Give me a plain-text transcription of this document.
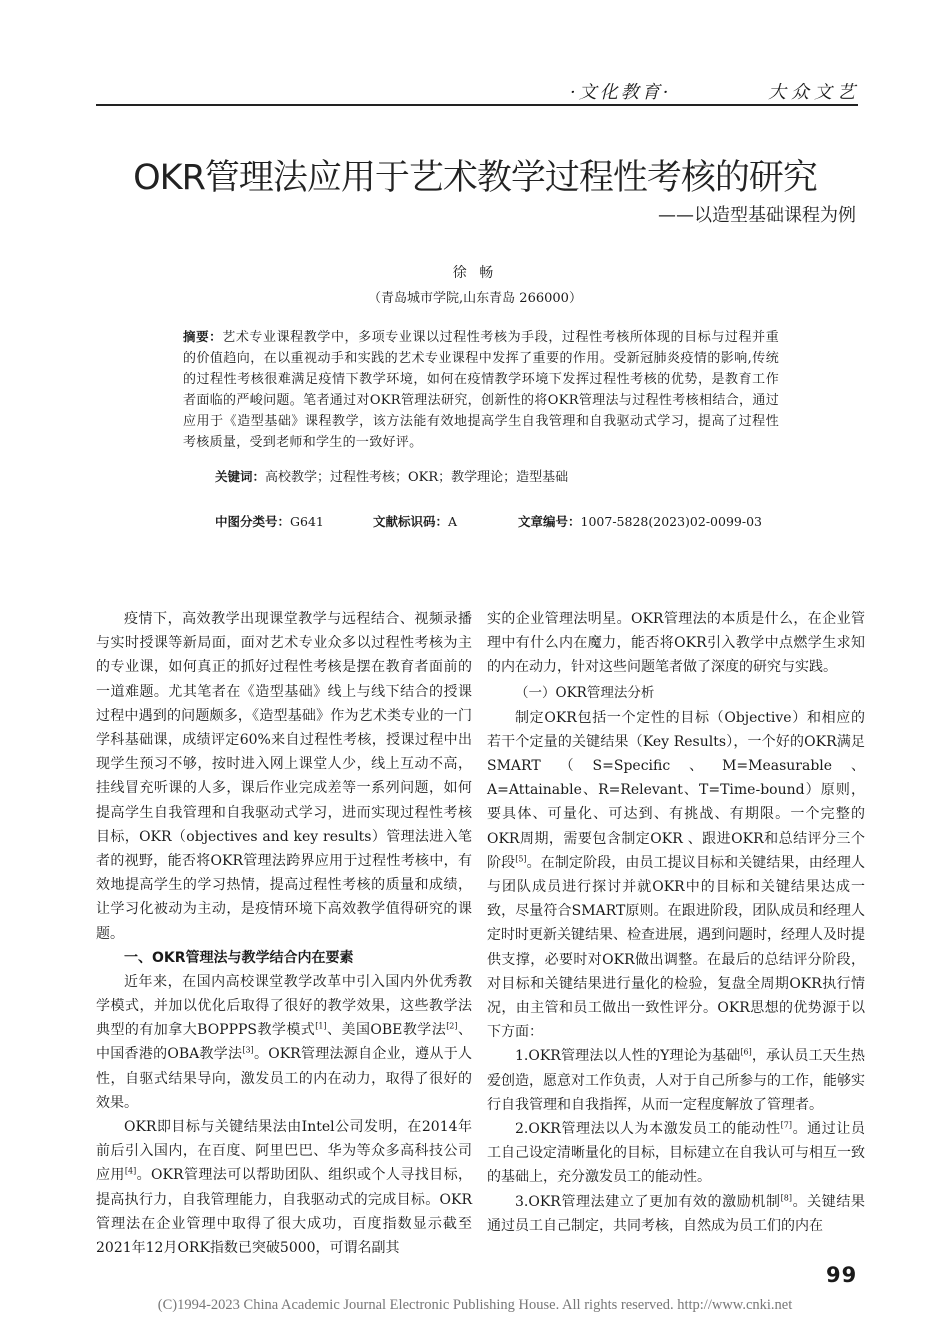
·文化教育·	大众文艺
OKR管理法应用于艺术教学过程性考核的研究
——以造型基础课程为例
徐 畅
（青岛城市学院,山东青岛 266000）
摘要：艺术专业课程教学中，多项专业课以过程性考核为手段，过程性考核所体现的目标与过程并重的价值趋向，在以重视动手和实践的艺术专业课程中发挥了重要的作用。受新冠肺炎疫情的影响,传统的过程性考核很难满足疫情下教学环境，如何在疫情教学环境下发挥过程性考核的优势，是教育工作者面临的严峻问题。笔者通过对OKR管理法研究，创新性的将OKR管理法与过程性考核相结合，通过应用于《造型基础》课程教学，该方法能有效地提高学生自我管理和自我驱动式学习，提高了过程性考核质量，受到老师和学生的一致好评。
关键词：高校教学；过程性考核；OKR；教学理论；造型基础
中图分类号：G641	文献标识码：A	文章编号：1007-5828(2023)02-0099-03

疫情下，高效教学出现课堂教学与远程结合、视频录播与实时授课等新局面，面对艺术专业众多以过程性考核为主的专业课，如何真正的抓好过程性考核是摆在教育者面前的一道难题。尤其笔者在《造型基础》线上与线下结合的授课过程中遇到的问题颇多，《造型基础》作为艺术类专业的一门学科基础课，成绩评定60%来自过程性考核，授课过程中出现学生预习不够，按时进入网上课堂人少，线上互动不高，挂线冒充听课的人多，课后作业完成差等一系列问题，如何提高学生自我管理和自我驱动式学习，进而实现过程性考核目标，OKR（objectives and key results）管理法进入笔者的视野，能否将OKR管理法跨界应用于过程性考核中，有效地提高学生的学习热情，提高过程性考核的质量和成绩，让学习化被动为主动，是疫情环境下高效教学值得研究的课题。

一、OKR管理法与教学结合内在要素

近年来，在国内高校课堂教学改革中引入国内外优秀教学模式，并加以优化后取得了很好的教学效果，这些教学法典型的有加拿大BOPPPS教学模式[1]、美国OBE教学法[2]、中国香港的OBA教学法[3]。OKR管理法源自企业，遵从于人性，自驱式结果导向，激发员工的内在动力，取得了很好的效果。

OKR即目标与关键结果法由Intel公司发明，在2014年前后引入国内，在百度、阿里巴巴、华为等众多高科技公司应用[4]。OKR管理法可以帮助团队、组织或个人寻找目标，提高执行力，自我管理能力，自我驱动式的完成目标。OKR管理法在企业管理中取得了很大成功，百度指数显示截至2021年12月ORK指数已突破5000，可谓名副其

实的企业管理法明星。OKR管理法的本质是什么，在企业管理中有什么内在魔力，能否将OKR引入教学中点燃学生求知的内在动力，针对这些问题笔者做了深度的研究与实践。

（一）OKR管理法分析

制定OKR包括一个定性的目标（Objective）和相应的若干个定量的关键结果（Key Results），一个好的OKR满足SMART（S=Specific、M=Measurable、A=Attainable、R=Relevant、T=Time-bound）原则，要具体、可量化、可达到、有挑战、有期限。一个完整的OKR周期，需要包含制定OKR 、跟进OKR和总结评分三个阶段[5]。在制定阶段，由员工提议目标和关键结果，由经理人与团队成员进行探讨并就OKR中的目标和关键结果达成一致，尽量符合SMART原则。在跟进阶段，团队成员和经理人定时时更新关键结果、检查进展，遇到问题时，经理人及时提供支撑，必要时对OKR做出调整。在最后的总结评分阶段，对目标和关键结果进行量化的检验，复盘全周期OKR执行情况，由主管和员工做出一致性评分。OKR思想的优势源于以下方面：

1.OKR管理法以人性的Y理论为基础[6]，承认员工天生热爱创造，愿意对工作负责，人对于自己所参与的工作，能够实行自我管理和自我指挥，从而一定程度解放了管理者。

2.OKR管理法以人为本激发员工的能动性[7]。通过让员工自己设定清晰量化的目标，目标建立在自我认可与相互一致的基础上，充分激发员工的能动性。

3.OKR管理法建立了更加有效的激励机制[8]。关键结果通过员工自己制定，共同考核，自然成为员工们的内在

99
(C)1994-2023 China Academic Journal Electronic Publishing House. All rights reserved. http://www.cnki.net
